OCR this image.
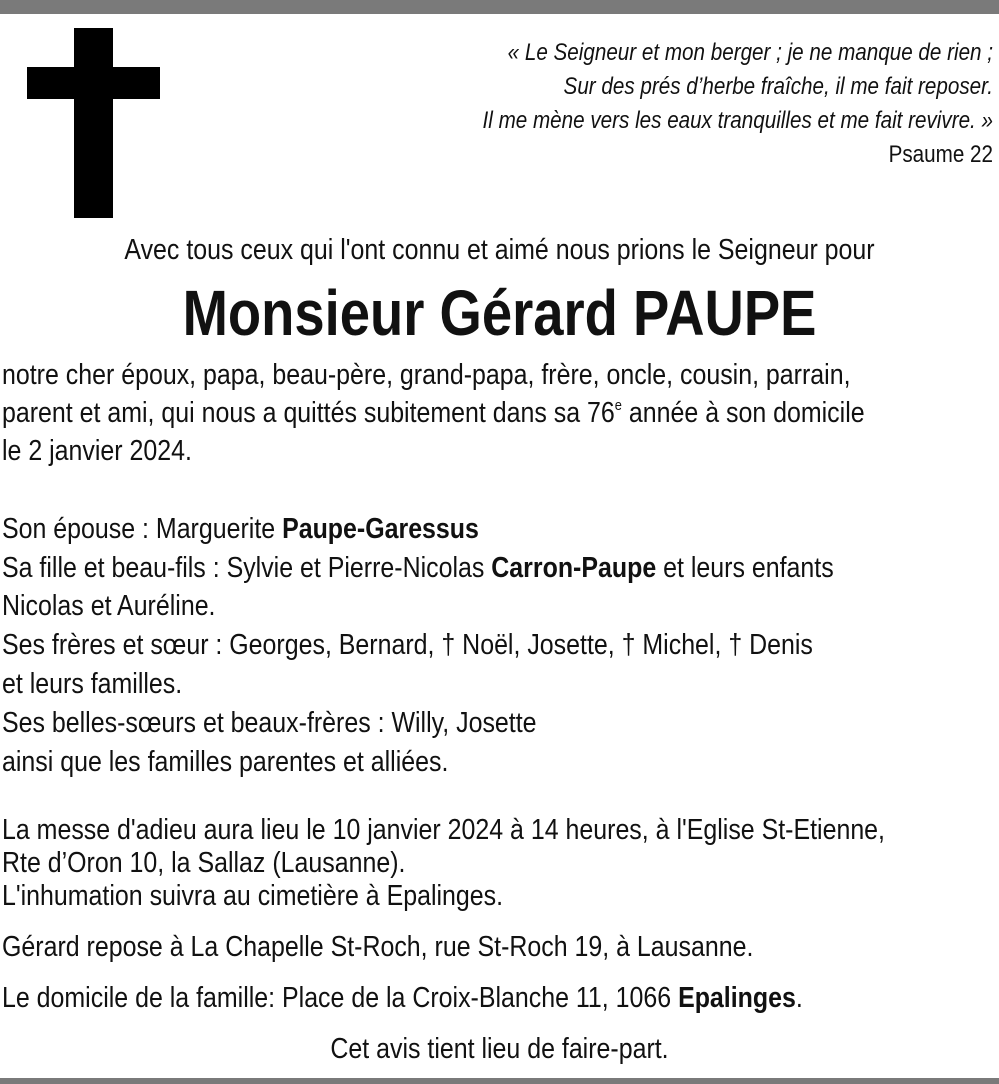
« Le Seigneur et mon berger ; je ne manque de rien ;
Sur des prés d’herbe fraîche, il me fait reposer.
Il me mène vers les eaux tranquilles et me fait revivre. »
Psaume 22
Avec tous ceux qui l'ont connu et aimé nous prions le Seigneur pour
Monsieur Gérard PAUPE
notre cher époux, papa, beau-père, grand-papa, frère, oncle, cousin, parrain,
parent et ami, qui nous a quittés subitement dans sa 76e année à son domicile
le 2 janvier 2024.
Son épouse : Marguerite Paupe-Garessus
Sa fille et beau-fils : Sylvie et Pierre-Nicolas Carron-Paupe et leurs enfants
Nicolas et Auréline.
Ses frères et sœur : Georges, Bernard, † Noël, Josette, † Michel, † Denis
et leurs familles.
Ses belles-sœurs et beaux-frères : Willy, Josette
ainsi que les familles parentes et alliées.
La messe d'adieu aura lieu le 10 janvier 2024 à 14 heures, à l'Eglise St-Etienne,
Rte d’Oron 10, la Sallaz (Lausanne).
L'inhumation suivra au cimetière à Epalinges.
Gérard repose à La Chapelle St-Roch, rue St-Roch 19, à Lausanne.
Le domicile de la famille: Place de la Croix-Blanche 11, 1066 Epalinges.
Cet avis tient lieu de faire-part.
